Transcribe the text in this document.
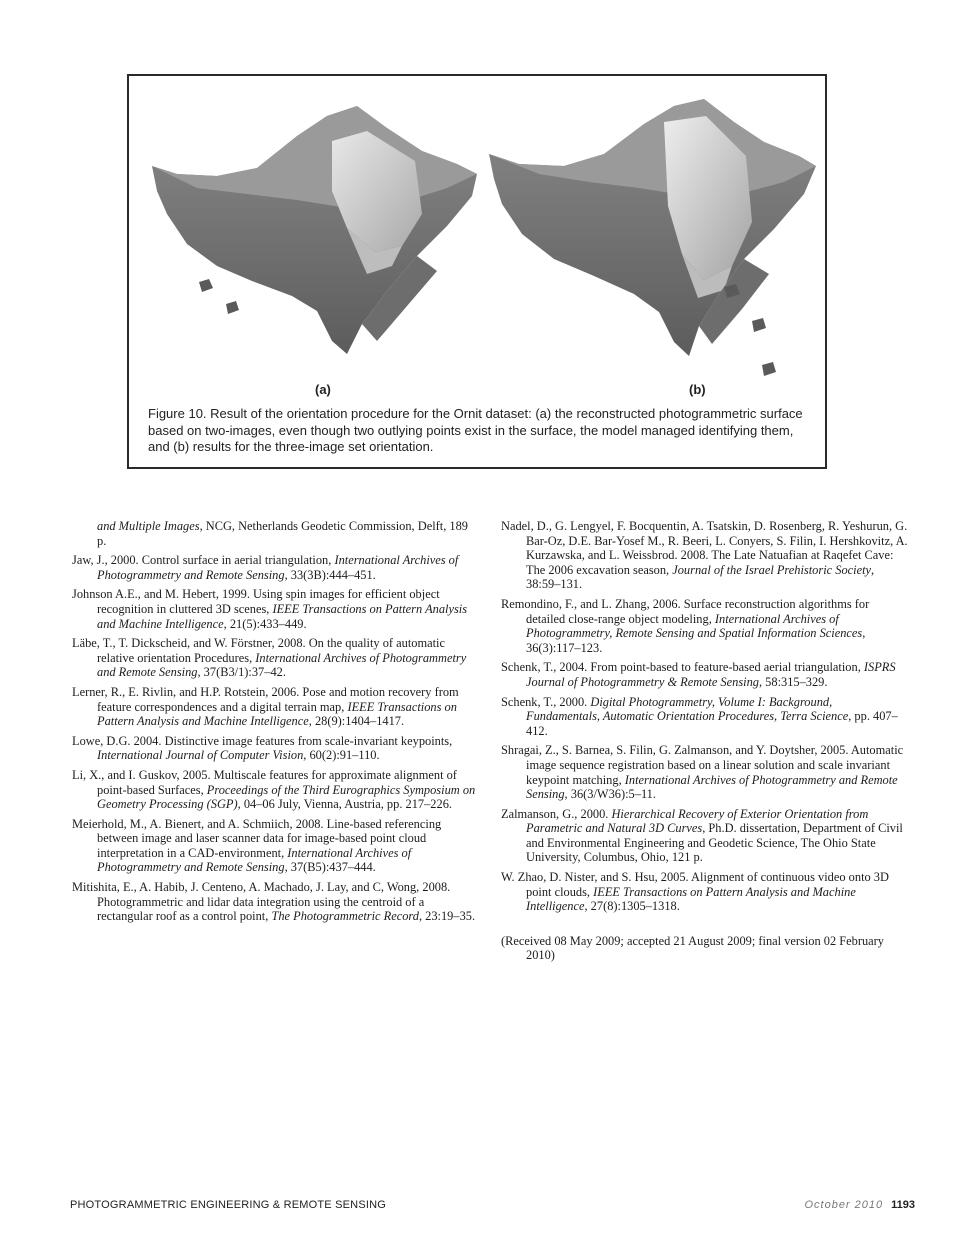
(a)	(b)
Figure 10. Result of the orientation procedure for the Ornit dataset: (a) the reconstructed photogrammetric surface based on two-images, even though two outlying points exist in the surface, the model managed identifying them, and (b) results for the three-image set orientation.
and Multiple Images, NCG, Netherlands Geodetic Commission, Delft, 189 p.
Jaw, J., 2000. Control surface in aerial triangulation, International Archives of Photogrammetry and Remote Sensing, 33(3B):444–451.
Johnson A.E., and M. Hebert, 1999. Using spin images for efficient object recognition in cluttered 3D scenes, IEEE Transactions on Pattern Analysis and Machine Intelligence, 21(5):433–449.
Läbe, T., T. Dickscheid, and W. Förstner, 2008. On the quality of automatic relative orientation Procedures, International Archives of Photogrammetry and Remote Sensing, 37(B3/1):37–42.
Lerner, R., E. Rivlin, and H.P. Rotstein, 2006. Pose and motion recovery from feature correspondences and a digital terrain map, IEEE Transactions on Pattern Analysis and Machine Intelligence, 28(9):1404–1417.
Lowe, D.G. 2004. Distinctive image features from scale-invariant keypoints, International Journal of Computer Vision, 60(2):91–110.
Li, X., and I. Guskov, 2005. Multiscale features for approximate alignment of point-based Surfaces, Proceedings of the Third Eurographics Symposium on Geometry Processing (SGP), 04–06 July, Vienna, Austria, pp. 217–226.
Meierhold, M., A. Bienert, and A. Schmiich, 2008. Line-based referencing between image and laser scanner data for image-based point cloud interpretation in a CAD-environment, International Archives of Photogrammetry and Remote Sensing, 37(B5):437–444.
Mitishita, E., A. Habib, J. Centeno, A. Machado, J. Lay, and C, Wong, 2008. Photogrammetric and lidar data integration using the centroid of a rectangular roof as a control point, The Photogrammetric Record, 23:19–35.
Nadel, D., G. Lengyel, F. Bocquentin, A. Tsatskin, D. Rosenberg, R. Yeshurun, G. Bar-Oz, D.E. Bar-Yosef M., R. Beeri, L. Conyers, S. Filin, I. Hershkovitz, A. Kurzawska, and L. Weissbrod. 2008. The Late Natuafian at Raqefet Cave: The 2006 excavation season, Journal of the Israel Prehistoric Society, 38:59–131.
Remondino, F., and L. Zhang, 2006. Surface reconstruction algorithms for detailed close-range object modeling, International Archives of Photogrammetry, Remote Sensing and Spatial Information Sciences, 36(3):117–123.
Schenk, T., 2004. From point-based to feature-based aerial triangulation, ISPRS Journal of Photogrammetry & Remote Sensing, 58:315–329.
Schenk, T., 2000. Digital Photogrammetry, Volume I: Background, Fundamentals, Automatic Orientation Procedures, Terra Science, pp. 407–412.
Shragai, Z., S. Barnea, S. Filin, G. Zalmanson, and Y. Doytsher, 2005. Automatic image sequence registration based on a linear solution and scale invariant keypoint matching, International Archives of Photogrammetry and Remote Sensing, 36(3/W36):5–11.
Zalmanson, G., 2000. Hierarchical Recovery of Exterior Orientation from Parametric and Natural 3D Curves, Ph.D. dissertation, Department of Civil and Environmental Engineering and Geodetic Science, The Ohio State University, Columbus, Ohio, 121 p.
W. Zhao, D. Nister, and S. Hsu, 2005. Alignment of continuous video onto 3D point clouds, IEEE Transactions on Pattern Analysis and Machine Intelligence, 27(8):1305–1318.
(Received 08 May 2009; accepted 21 August 2009; final version 02 February 2010)
PHOTOGRAMMETRIC ENGINEERING & REMOTE SENSING	October 2010 1193
